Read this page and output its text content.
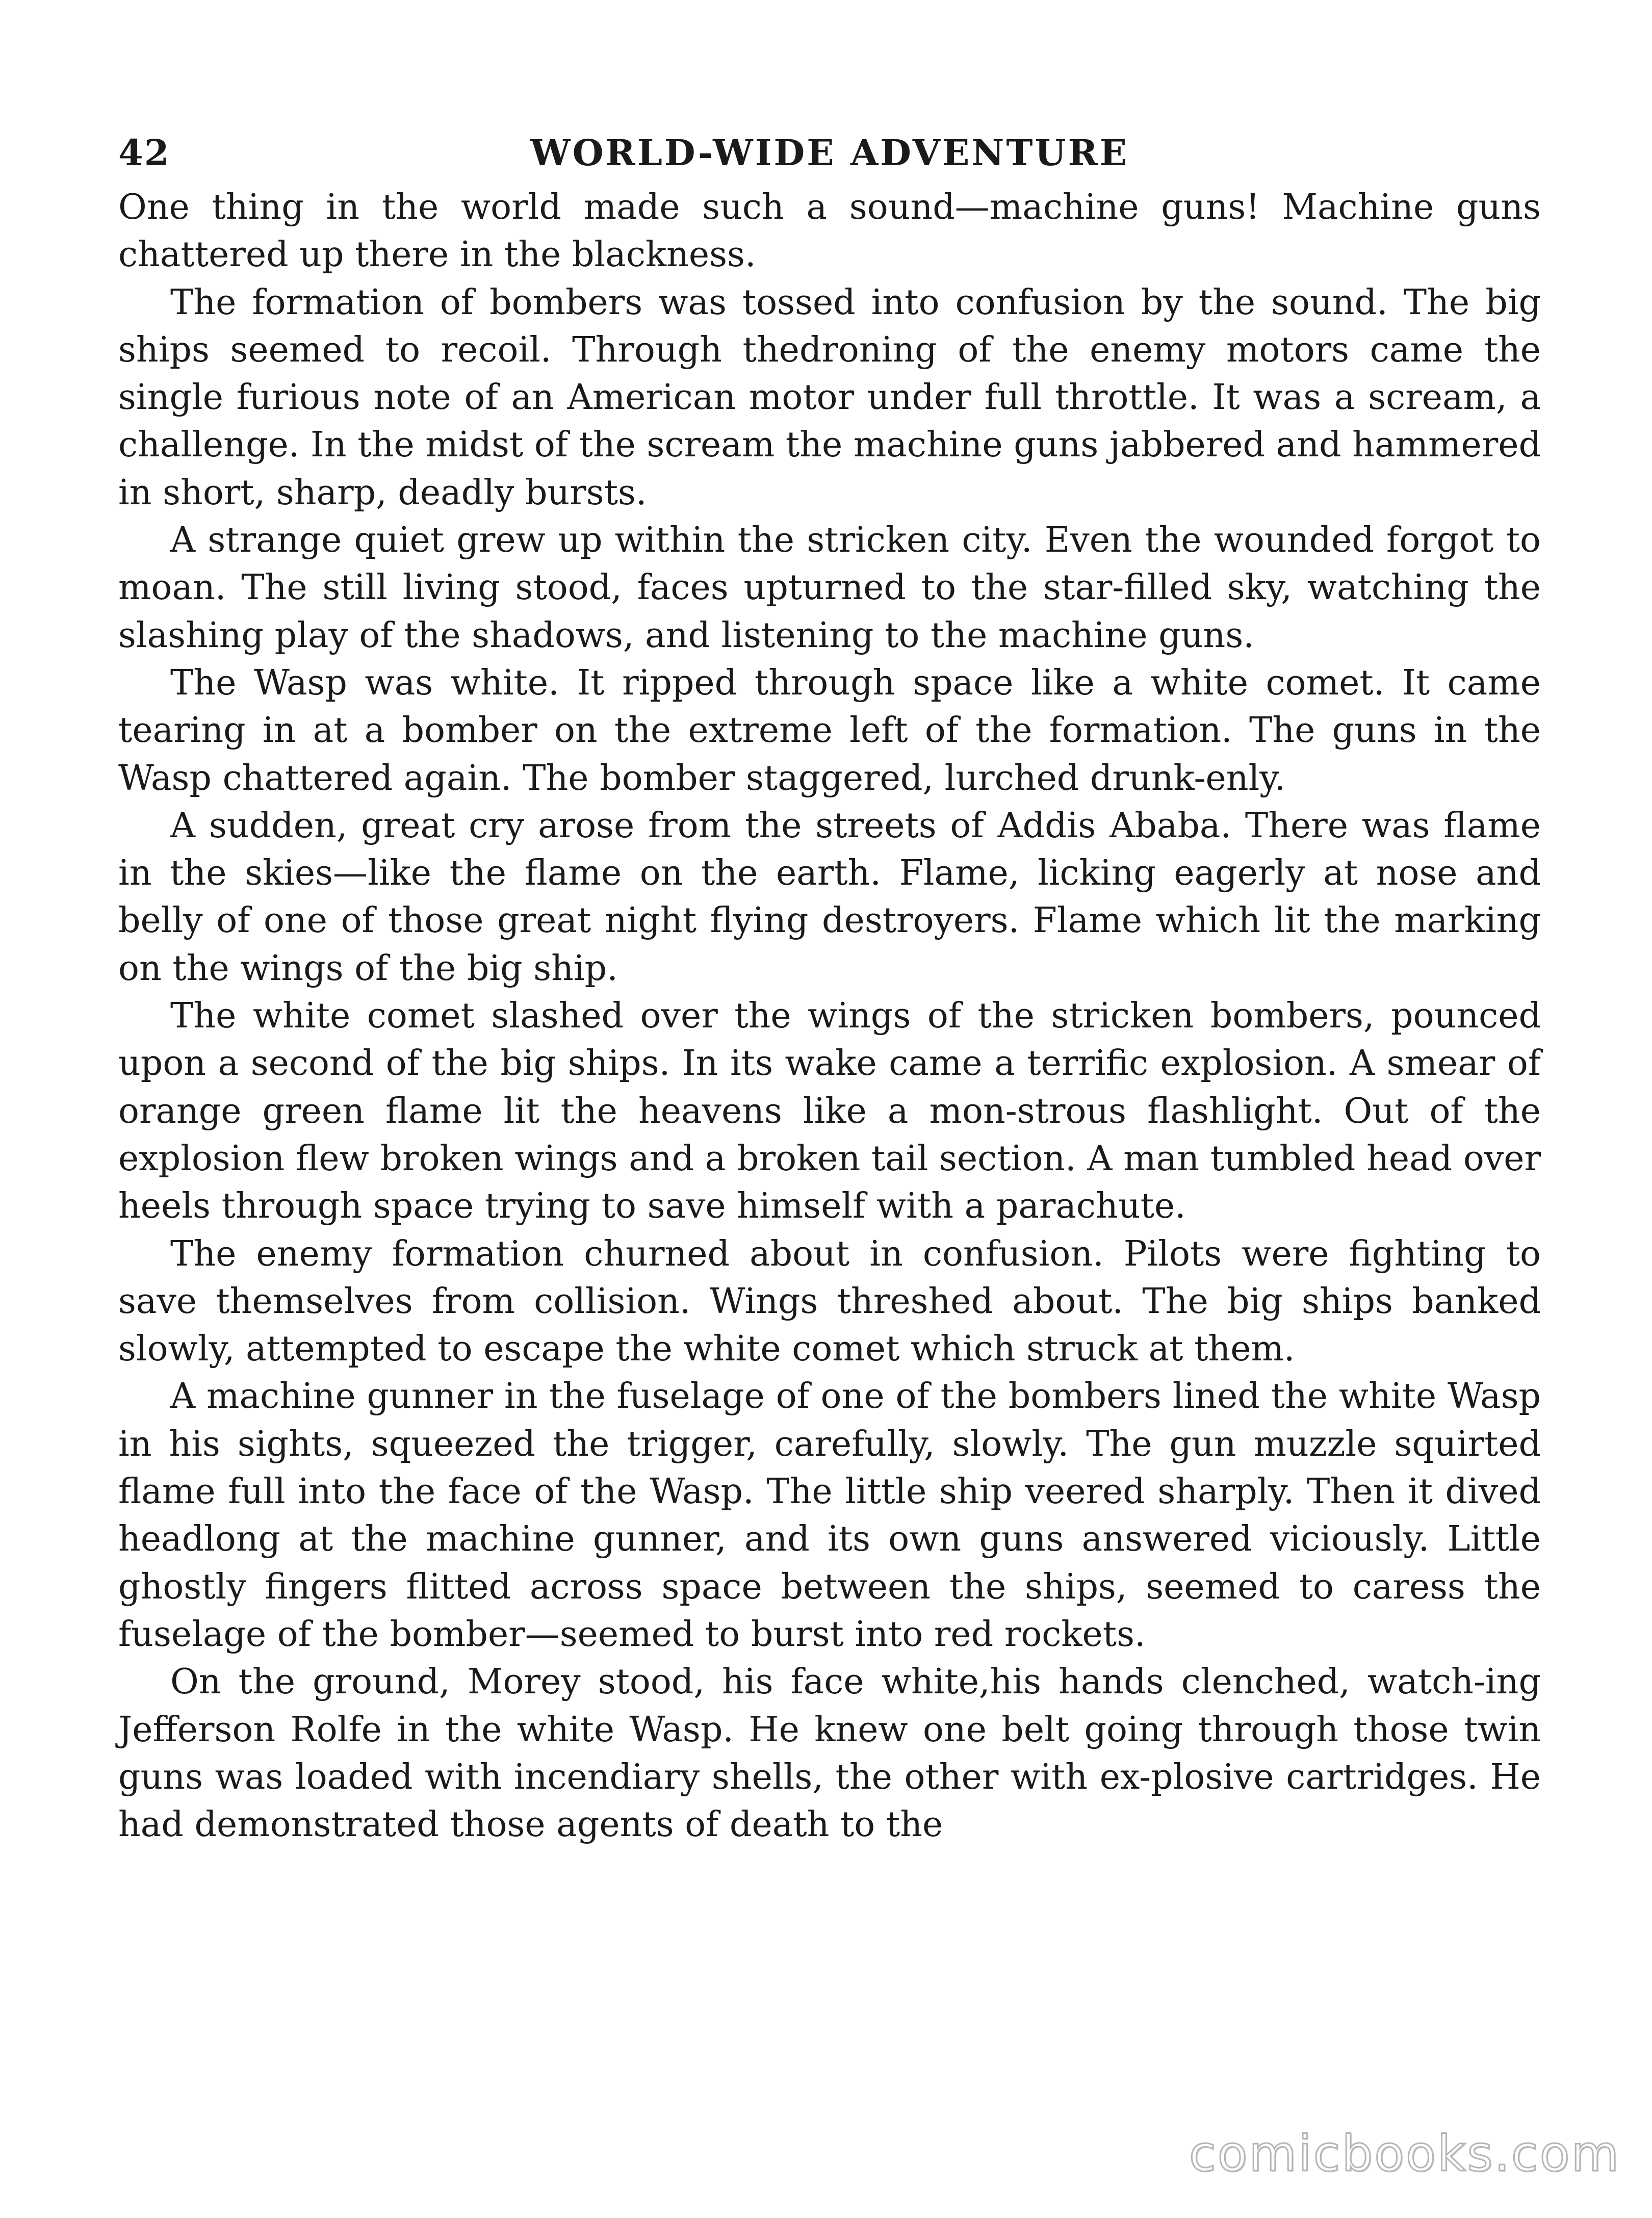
42	WORLD-WIDE ADVENTURE

One thing in the world made such a sound—machine guns! Machine guns chattered up there in the blackness.

The formation of bombers was tossed into confusion by the sound. The big ships seemed to recoil. Through thedroning of the enemy motors came the single furious note of an American motor under full throttle. It was a scream, a challenge. In the midst of the scream the machine guns jabbered and hammered in short, sharp, deadly bursts.

A strange quiet grew up within the stricken city. Even the wounded forgot to moan. The still living stood, faces upturned to the star-filled sky, watching the slashing play of the shadows, and listening to the machine guns.

The Wasp was white. It ripped through space like a white comet. It came tearing in at a bomber on the extreme left of the formation. The guns in the Wasp chattered again. The bomber staggered, lurched drunk-enly.

A sudden, great cry arose from the streets of Addis Ababa. There was flame in the skies—like the flame on the earth. Flame, licking eagerly at nose and belly of one of those great night flying destroyers. Flame which lit the marking on the wings of the big ship.

The white comet slashed over the wings of the stricken bombers, pounced upon a second of the big ships. In its wake came a terrific explosion. A smear of orange green flame lit the heavens like a mon-strous flashlight. Out of the explosion flew broken wings and a broken tail section. A man tumbled head over heels through space trying to save himself with a parachute.

The enemy formation churned about in confusion. Pilots were fighting to save themselves from collision. Wings threshed about. The big ships banked slowly, attempted to escape the white comet which struck at them.

A machine gunner in the fuselage of one of the bombers lined the white Wasp in his sights, squeezed the trigger, carefully, slowly. The gun muzzle squirted flame full into the face of the Wasp. The little ship veered sharply. Then it dived headlong at the machine gunner, and its own guns answered viciously. Little ghostly fingers flitted across space between the ships, seemed to caress the fuselage of the bomber—seemed to burst into red rockets.

On the ground, Morey stood, his face white,his hands clenched, watch-ing Jefferson Rolfe in the white Wasp. He knew one belt going through those twin guns was loaded with incendiary shells, the other with ex-plosive cartridges. He had demonstrated those agents of death to the

comicbooks.com
